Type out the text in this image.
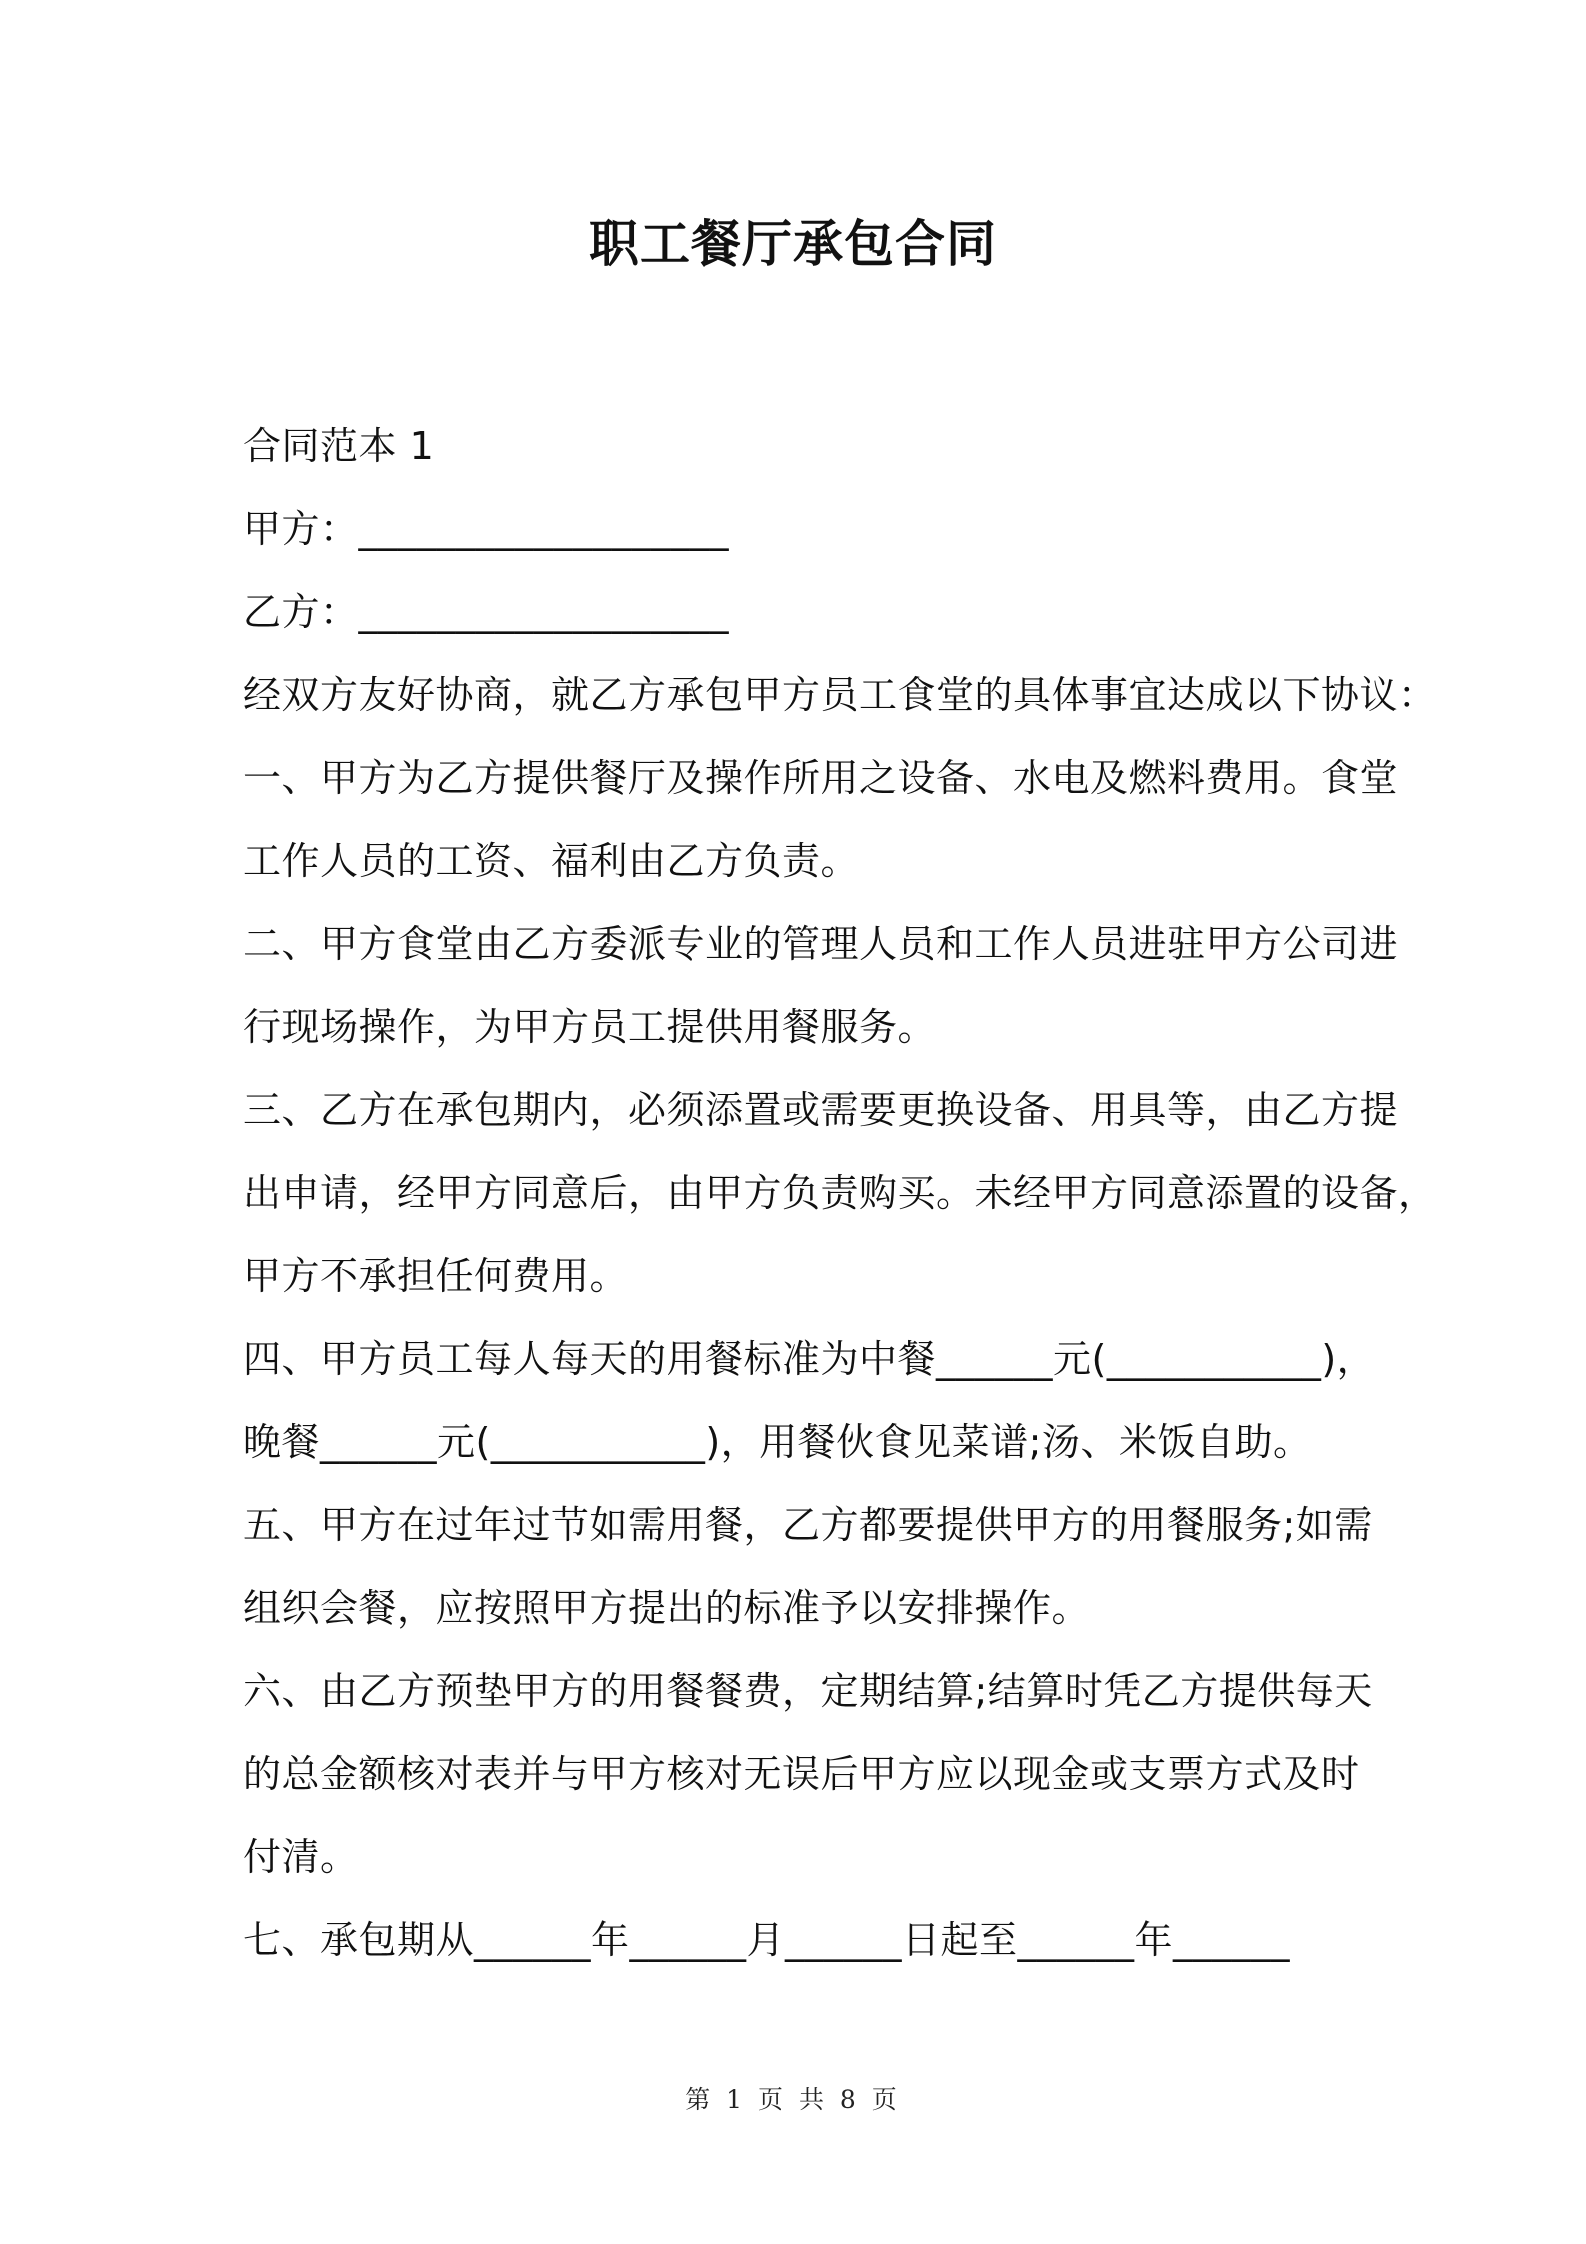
职工餐厅承包合同
合同范本 1
甲方：___________________
乙方：___________________
经双方友好协商，就乙方承包甲方员工食堂的具体事宜达成以下协议：
一、甲方为乙方提供餐厅及操作所用之设备、水电及燃料费用。食堂
工作人员的工资、福利由乙方负责。
二、甲方食堂由乙方委派专业的管理人员和工作人员进驻甲方公司进
行现场操作，为甲方员工提供用餐服务。
三、乙方在承包期内，必须添置或需要更换设备、用具等，由乙方提
出申请，经甲方同意后，由甲方负责购买。未经甲方同意添置的设备，
甲方不承担任何费用。
四、甲方员工每人每天的用餐标准为中餐______元(___________)，
晚餐______元(___________)，用餐伙食见菜谱;汤、米饭自助。
五、甲方在过年过节如需用餐，乙方都要提供甲方的用餐服务;如需
组织会餐，应按照甲方提出的标准予以安排操作。
六、由乙方预垫甲方的用餐餐费，定期结算;结算时凭乙方提供每天
的总金额核对表并与甲方核对无误后甲方应以现金或支票方式及时
付清。
七、承包期从______年______月______日起至______年______
第 1 页 共 8 页
